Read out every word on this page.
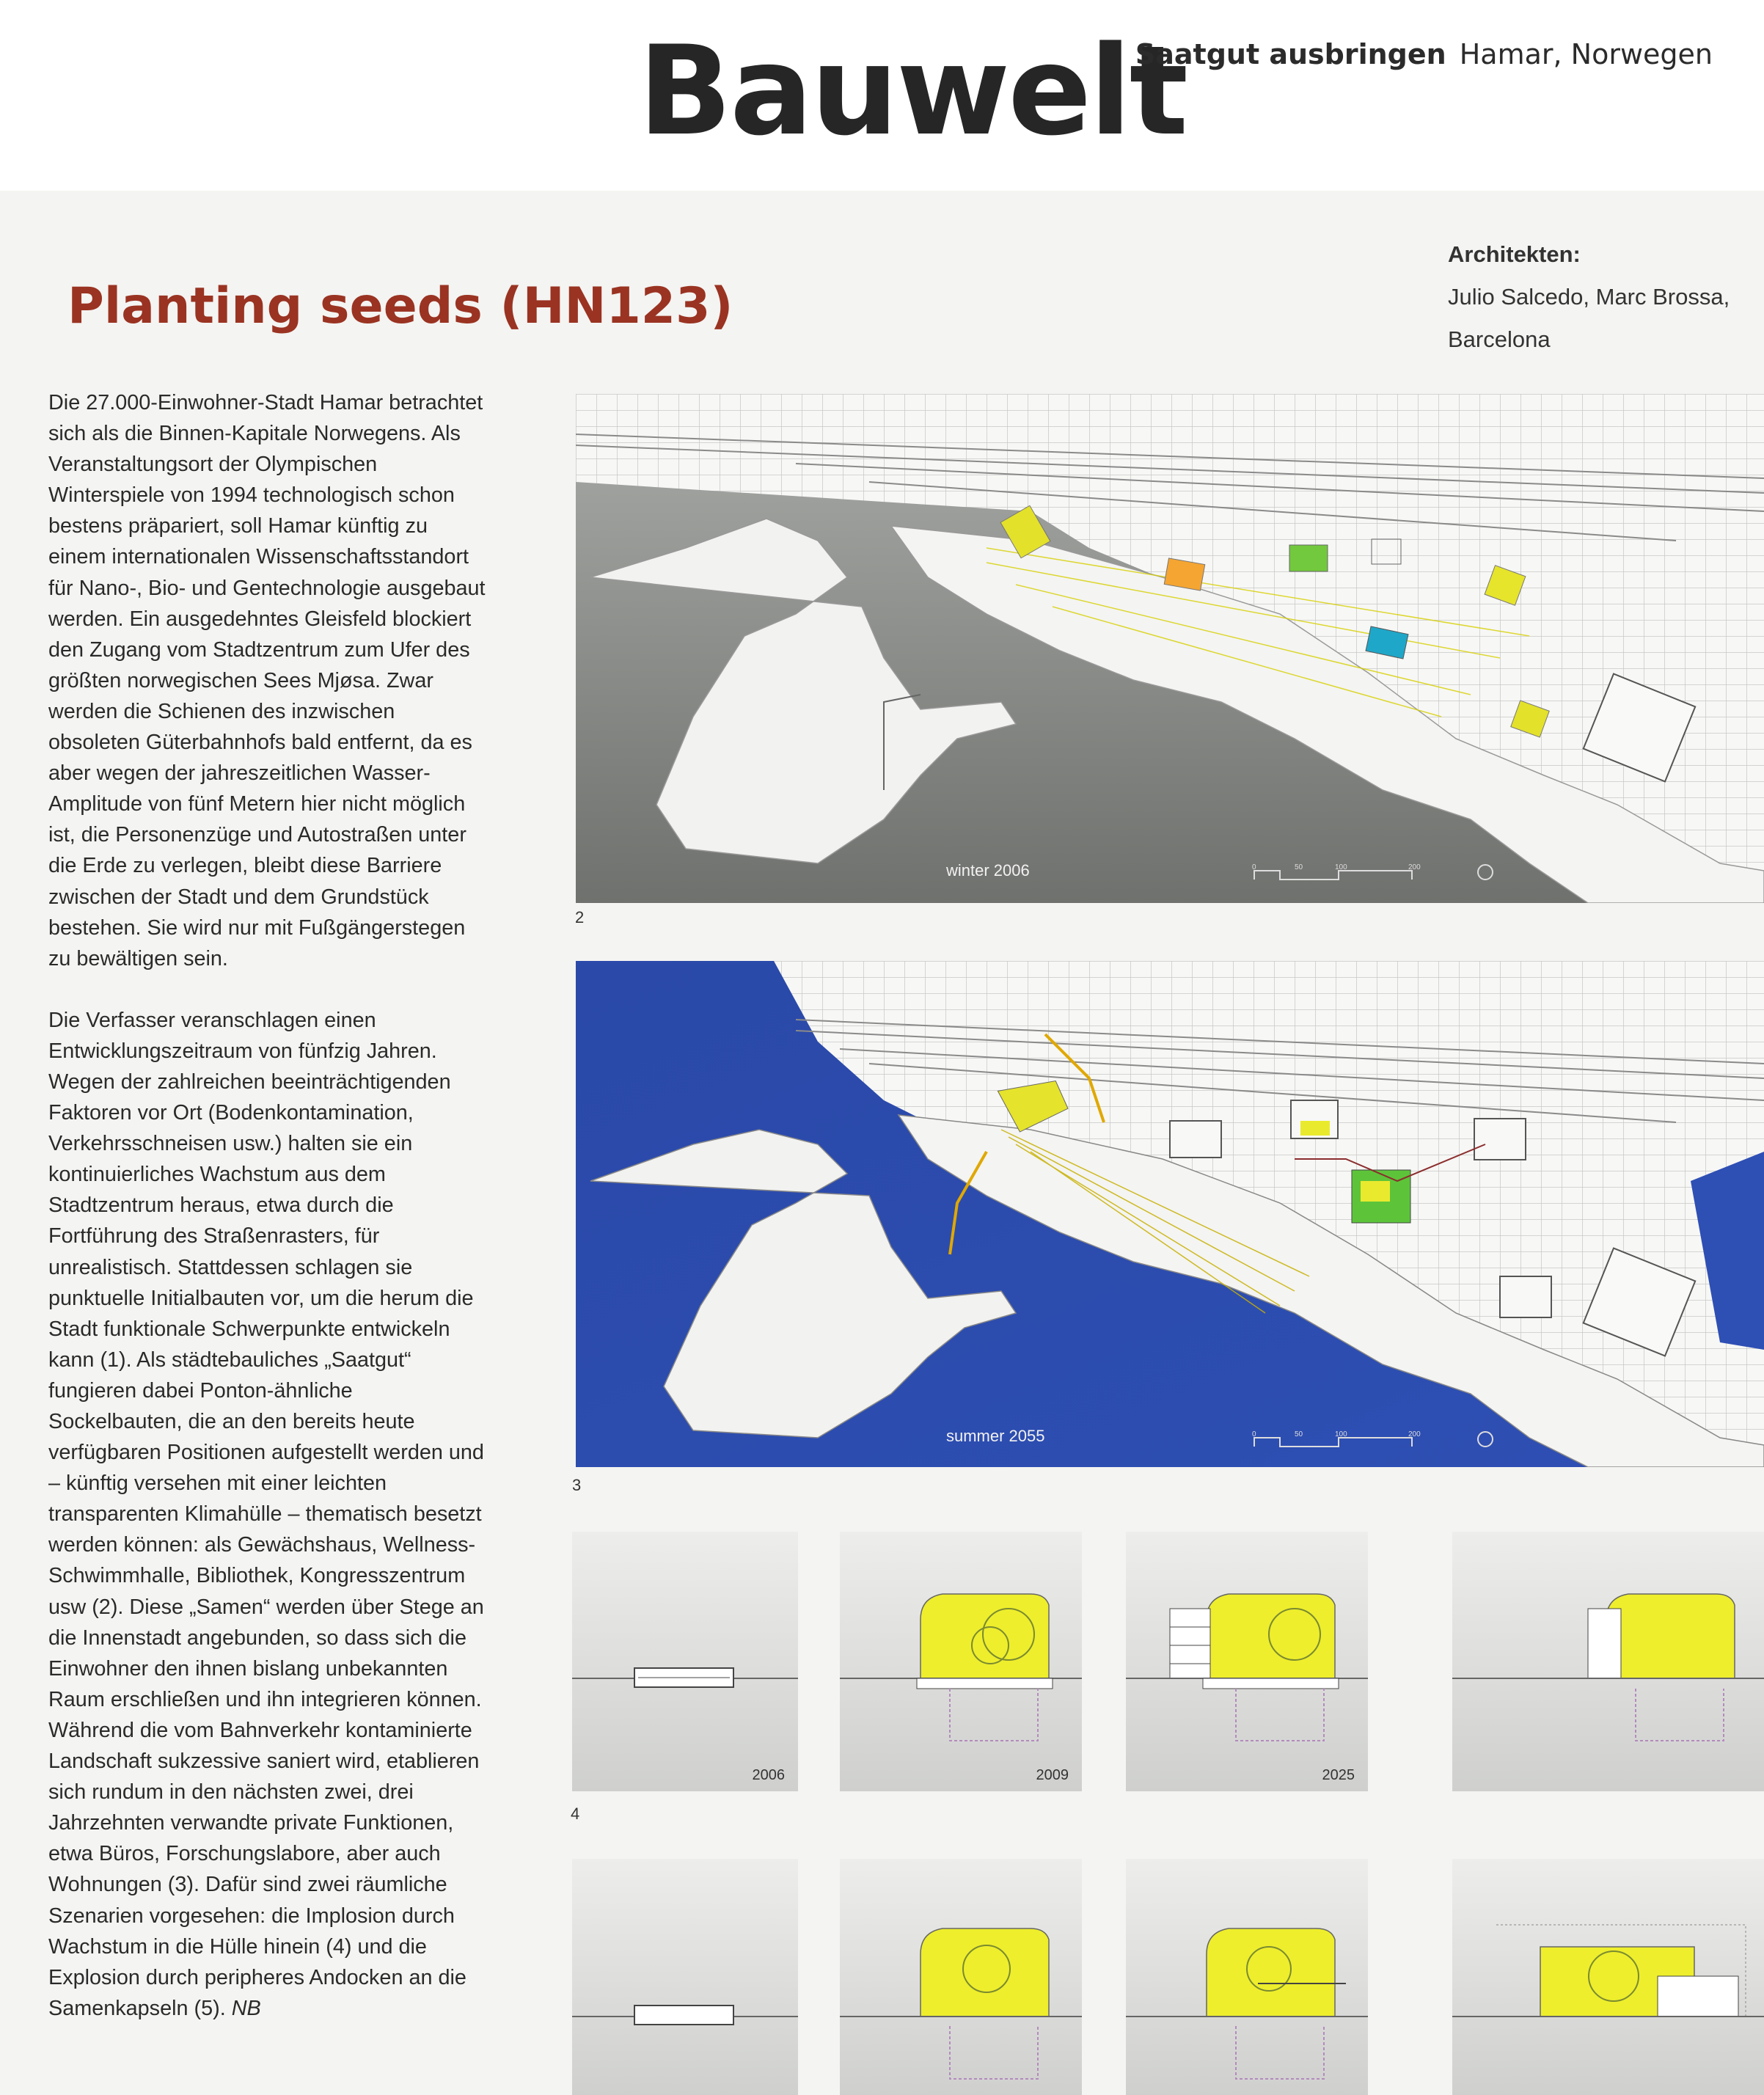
Bauwelt
Saatgut ausbringen Hamar, Norwegen
Planting seeds (HN123)
Architekten:
Julio Salcedo, Marc Brossa,
Barcelona

Die 27.000-Einwohner-Stadt Hamar betrachtet sich als die Binnen-Kapitale Norwegens. Als Veranstaltungsort der Olympischen Winterspiele von 1994 technologisch schon bestens präpariert, soll Hamar künftig zu einem internationalen Wissenschaftsstandort für Nano-, Bio- und Gentechnologie ausgebaut werden. Ein ausgedehntes Gleisfeld blockiert den Zugang vom Stadtzentrum zum Ufer des größten norwegischen Sees Mjøsa. Zwar werden die Schienen des inzwischen obsoleten Güterbahnhofs bald entfernt, da es aber wegen der jahreszeitlichen Wasser-Amplitude von fünf Metern hier nicht möglich ist, die Personenzüge und Autostraßen unter die Erde zu verlegen, bleibt diese Barriere zwischen der Stadt und dem Grundstück bestehen. Sie wird nur mit Fußgängerstegen zu bewältigen sein.

Die Verfasser veranschlagen einen Entwicklungszeitraum von fünfzig Jahren. Wegen der zahlreichen beeinträchtigenden Faktoren vor Ort (Bodenkontamination, Verkehrsschneisen usw.) halten sie ein kontinuierliches Wachstum aus dem Stadtzentrum heraus, etwa durch die Fortführung des Straßenrasters, für unrealistisch. Stattdessen schlagen sie punktuelle Initialbauten vor, um die herum die Stadt funktionale Schwerpunkte entwickeln kann (1). Als städtebauliches „Saatgut“ fungieren dabei Ponton-ähnliche Sockelbauten, die an den bereits heute verfügbaren Positionen aufgestellt werden und – künftig versehen mit einer leichten transparenten Klimahülle – thematisch besetzt werden können: als Gewächshaus, Wellness-Schwimmhalle, Bibliothek, Kongresszentrum usw (2). Diese „Samen“ werden über Stege an die Innenstadt angebunden, so dass sich die Einwohner den ihnen bislang unbekannten Raum erschließen und ihn integrieren können. Während die vom Bahnverkehr kontaminierte Landschaft sukzessive saniert wird, etablieren sich rundum in den nächsten zwei, drei Jahrzehnten verwandte private Funktionen, etwa Büros, Forschungslabore, aber auch Wohnungen (3). Dafür sind zwei räumliche Szenarien vorgesehen: die Implosion durch Wachstum in die Hülle hinein (4) und die Explosion durch peripheres Andocken an die Samenkapseln (5). NB

winter 2006	0	50	100	200
2
summer 2055	0	50	100	200
3
2006	2009	2025
4
